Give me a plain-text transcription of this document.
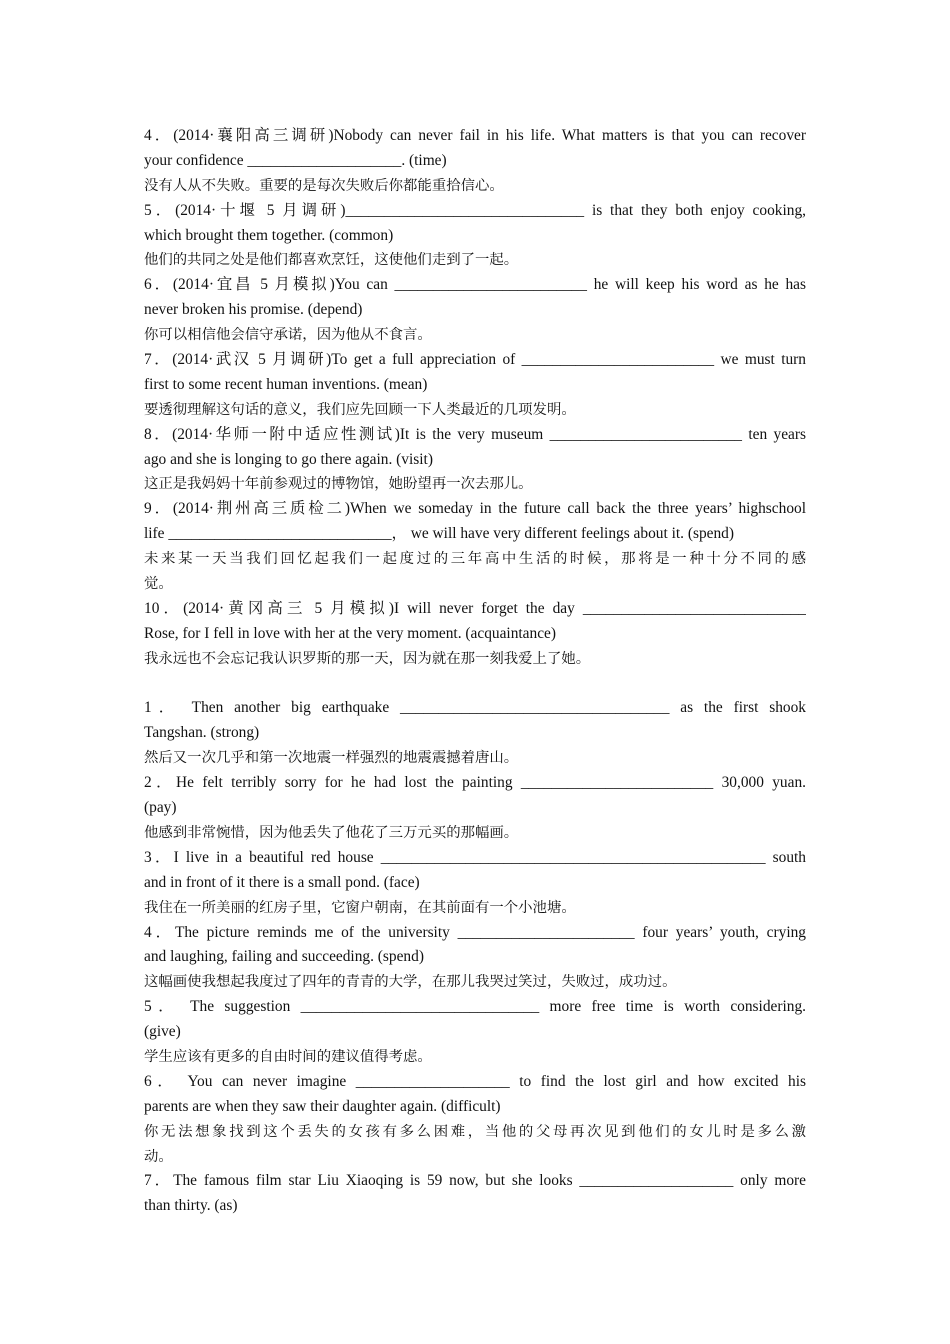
4．(2014·襄阳高三调研)Nobody can never fail in his life. What matters is that you can recover
your confidence ____________________. (time)
没有人从不失败。重要的是每次失败后你都能重拾信心。
5．(2014·十堰 5 月调研)_______________________________ is that they both enjoy cooking,
which brought them together. (common)
他们的共同之处是他们都喜欢烹饪，这使他们走到了一起。
6．(2014·宜昌 5 月模拟)You can _________________________ he will keep his word as he has
never broken his promise. (depend)
你可以相信他会信守承诺，因为他从不食言。
7．(2014·武汉 5 月调研)To get a full appreciation of _________________________ we must turn
first to some recent human inventions. (mean)
要透彻理解这句话的意义，我们应先回顾一下人类最近的几项发明。
8．(2014·华师一附中适应性测试)It is the very museum _________________________ ten years
ago and she is longing to go there again. (visit)
这正是我妈妈十年前参观过的博物馆，她盼望再一次去那儿。
9．(2014·荆州高三质检二)When we someday in the future call back the three years’ highschool
life _____________________________， we will have very different feelings about it. (spend)
未来某一天当我们回忆起我们一起度过的三年高中生活的时候，那将是一种十分不同的感
觉。
10．(2014·黄冈高三 5 月模拟)I will never forget the day _____________________________
Rose, for I fell in love with her at the very moment. (acquaintance)
我永远也不会忘记我认识罗斯的那一天，因为就在那一刻我爱上了她。
1． Then another big earthquake ___________________________________ as the first shook
Tangshan. (strong)
然后又一次几乎和第一次地震一样强烈的地震震撼着唐山。
2．He felt terribly sorry for he had lost the painting _________________________ 30,000 yuan.
(pay)
他感到非常惋惜，因为他丢失了他花了三万元买的那幅画。
3．I live in a beautiful red house __________________________________________________ south
and in front of it there is a small pond. (face)
我住在一所美丽的红房子里，它窗户朝南，在其前面有一个小池塘。
4．The picture reminds me of the university _______________________ four years’ youth, crying
and laughing, failing and succeeding. (spend)
这幅画使我想起我度过了四年的青青的大学，在那儿我哭过笑过，失败过，成功过。
5． The suggestion _______________________________ more free time is worth considering.
(give)
学生应该有更多的自由时间的建议值得考虑。
6． You can never imagine ____________________ to find the lost girl and how excited his
parents are when they saw their daughter again. (difficult)
你无法想象找到这个丢失的女孩有多么困难，当他的父母再次见到他们的女儿时是多么激
动。
7．The famous film star Liu Xiaoqing is 59 now, but she looks ____________________ only more
than thirty. (as)
